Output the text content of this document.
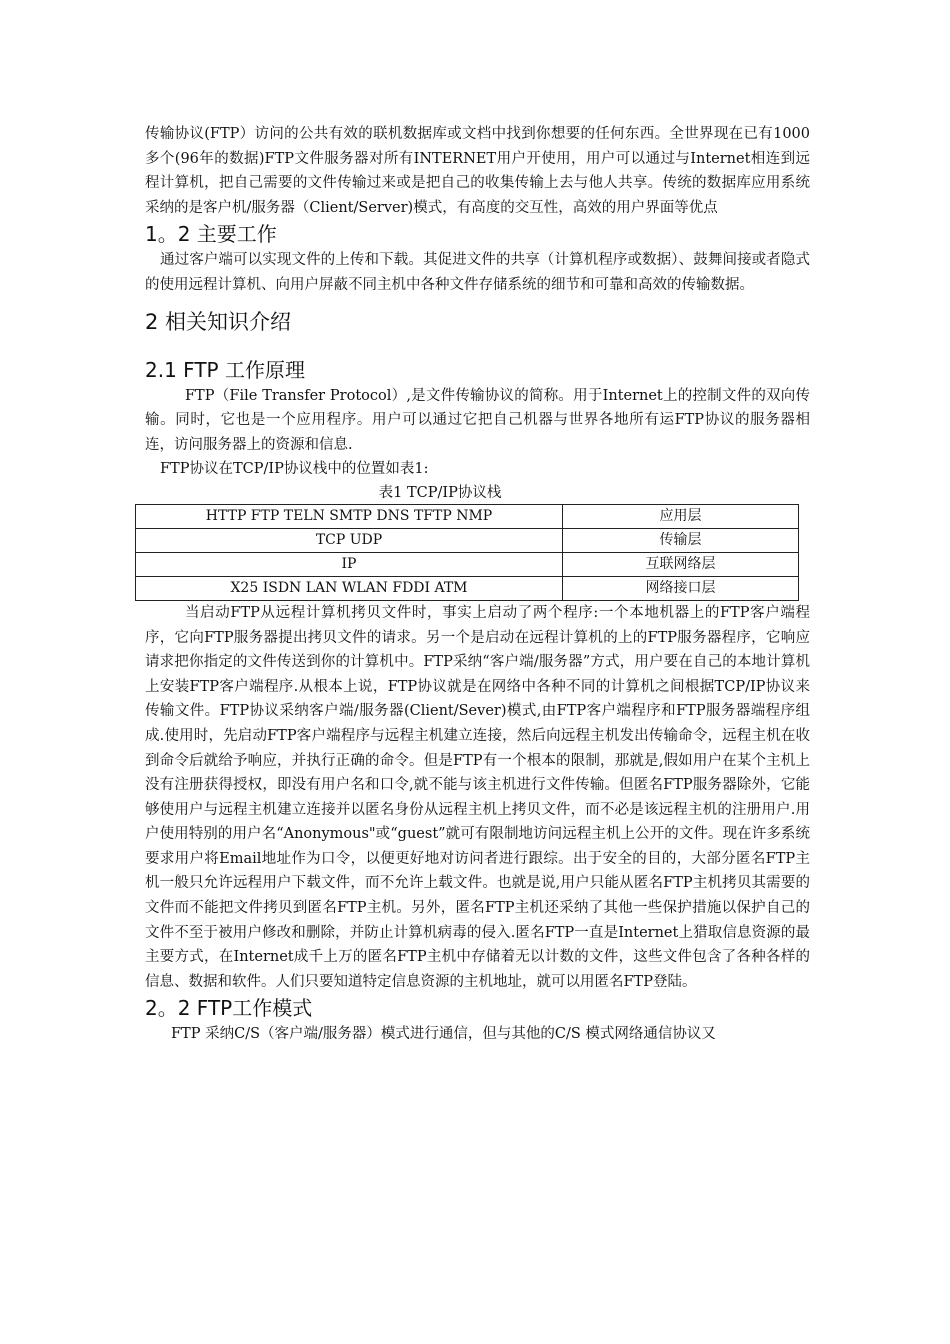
传输协议(FTP）访问的公共有效的联机数据库或文档中找到你想要的任何东西。全世界现在已有1000多个(96年的数据)FTP文件服务器对所有INTERNET用户开使用，用户可以通过与Internet相连到远程计算机，把自己需要的文件传输过来或是把自己的收集传输上去与他人共享。传统的数据库应用系统采纳的是客户机/服务器（Client/Server)模式，有高度的交互性，高效的用户界面等优点

1。2 主要工作

通过客户端可以实现文件的上传和下载。其促进文件的共享（计算机程序或数据）、鼓舞间接或者隐式的使用远程计算机、向用户屏蔽不同主机中各种文件存储系统的细节和可靠和高效的传输数据。

2 相关知识介绍
2.1 FTP 工作原理

FTP（File Transfer Protocol）,是文件传输协议的简称。用于Internet上的控制文件的双向传输。同时，它也是一个应用程序。用户可以通过它把自己机器与世界各地所有运FTP协议的服务器相连，访问服务器上的资源和信息.

FTP协议在TCP/IP协议栈中的位置如表1:

表1 TCP/IP协议栈
HTTP FTP TELN SMTP DNS TFTP NMP	应用层
TCP UDP	传输层
IP	互联网络层
X25 ISDN LAN WLAN FDDI ATM	网络接口层

当启动FTP从远程计算机拷贝文件时，事实上启动了两个程序:一个本地机器上的FTP客户端程序，它向FTP服务器提出拷贝文件的请求。另一个是启动在远程计算机的上的FTP服务器程序，它响应请求把你指定的文件传送到你的计算机中。FTP采纳“客户端/服务器”方式，用户要在自己的本地计算机上安装FTP客户端程序.从根本上说，FTP协议就是在网络中各种不同的计算机之间根据TCP/IP协议来传输文件。FTP协议采纳客户端/服务器(Client/Sever)模式,由FTP客户端程序和FTP服务器端程序组成.使用时，先启动FTP客户端程序与远程主机建立连接，然后向远程主机发出传输命令，远程主机在收到命令后就给予响应，并执行正确的命令。但是FTP有一个根本的限制，那就是,假如用户在某个主机上没有注册获得授权，即没有用户名和口令,就不能与该主机进行文件传输。但匿名FTP服务器除外，它能够使用户与远程主机建立连接并以匿名身份从远程主机上拷贝文件，而不必是该远程主机的注册用户.用户使用特别的用户名“Anonymous"或“guest”就可有限制地访问远程主机上公开的文件。现在许多系统要求用户将Email地址作为口令，以便更好地对访问者进行跟综。出于安全的目的，大部分匿名FTP主机一般只允许远程用户下载文件，而不允许上载文件。也就是说,用户只能从匿名FTP主机拷贝其需要的文件而不能把文件拷贝到匿名FTP主机。另外，匿名FTP主机还采纳了其他一些保护措施以保护自己的文件不至于被用户修改和删除，并防止计算机病毒的侵入.匿名FTP一直是Internet上猎取信息资源的最主要方式，在Internet成千上万的匿名FTP主机中存储着无以计数的文件，这些文件包含了各种各样的信息、数据和软件。人们只要知道特定信息资源的主机地址，就可以用匿名FTP登陆。

2。2 FTP工作模式

FTP 采纳C/S（客户端/服务器）模式进行通信，但与其他的C/S 模式网络通信协议又
